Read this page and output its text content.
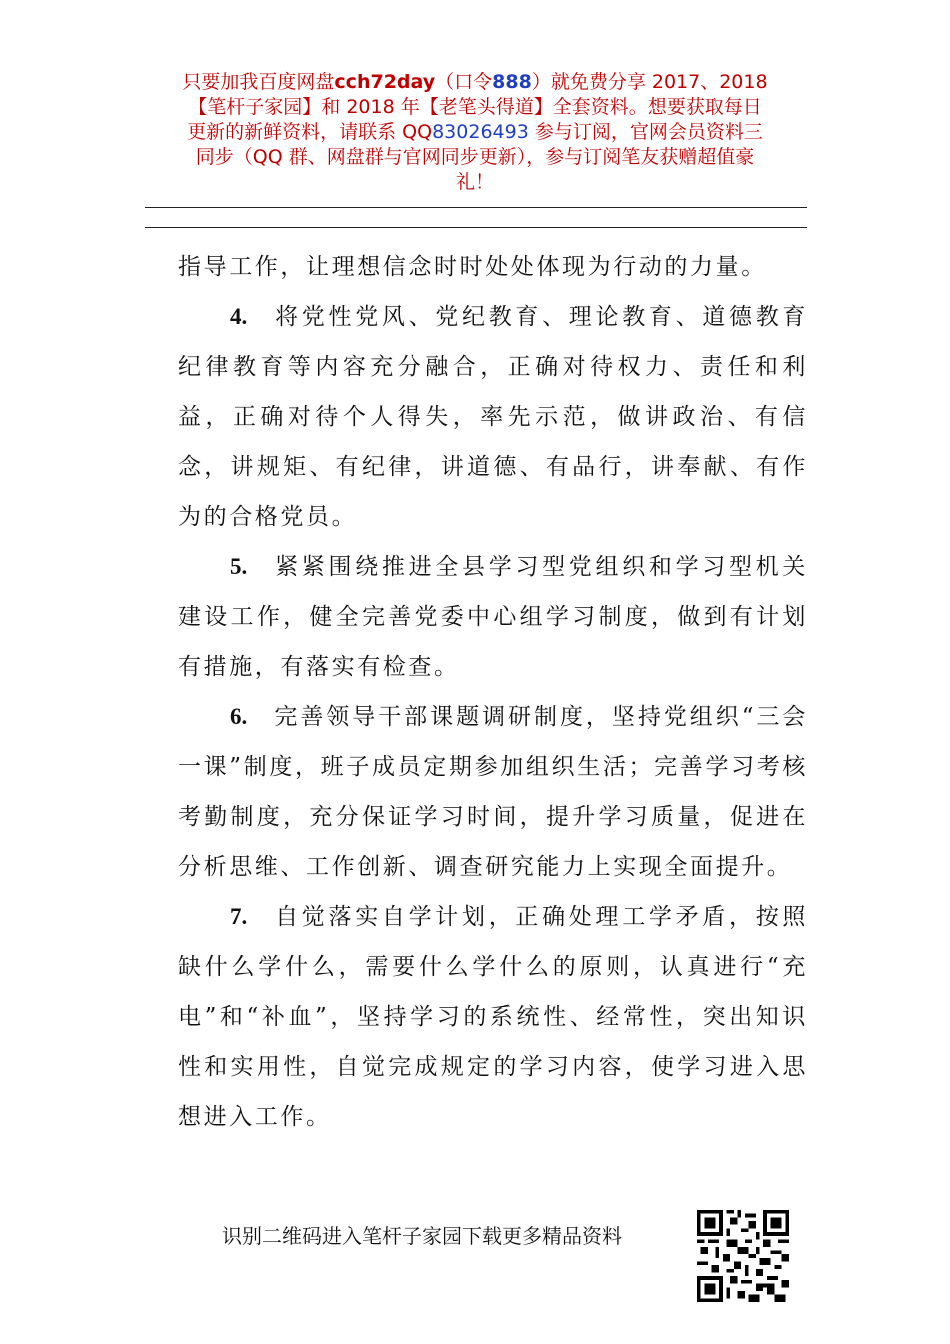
只要加我百度网盘cch72day（口令888）就免费分享 2017、2018
【笔杆子家园】和 2018 年【老笔头得道】全套资料。想要获取每日
更新的新鲜资料，请联系 QQ83026493 参与订阅，官网会员资料三
同步（QQ 群、网盘群与官网同步更新），参与订阅笔友获赠超值豪
礼！

指导工作，让理想信念时时处处体现为行动的力量。

4. 将党性党风、党纪教育、理论教育、道德教育纪律教育等内容充分融合，正确对待权力、责任和利益，正确对待个人得失，率先示范，做讲政治、有信念，讲规矩、有纪律，讲道德、有品行，讲奉献、有作为的合格党员。

5. 紧紧围绕推进全县学习型党组织和学习型机关建设工作，健全完善党委中心组学习制度，做到有计划有措施，有落实有检查。

6. 完善领导干部课题调研制度，坚持党组织“三会一课”制度，班子成员定期参加组织生活；完善学习考核考勤制度，充分保证学习时间，提升学习质量，促进在分析思维、工作创新、调查研究能力上实现全面提升。

7. 自觉落实自学计划，正确处理工学矛盾，按照缺什么学什么，需要什么学什么的原则，认真进行“充电”和“补血”，坚持学习的系统性、经常性，突出知识性和实用性，自觉完成规定的学习内容，使学习进入思想进入工作。

识别二维码进入笔杆子家园下载更多精品资料
